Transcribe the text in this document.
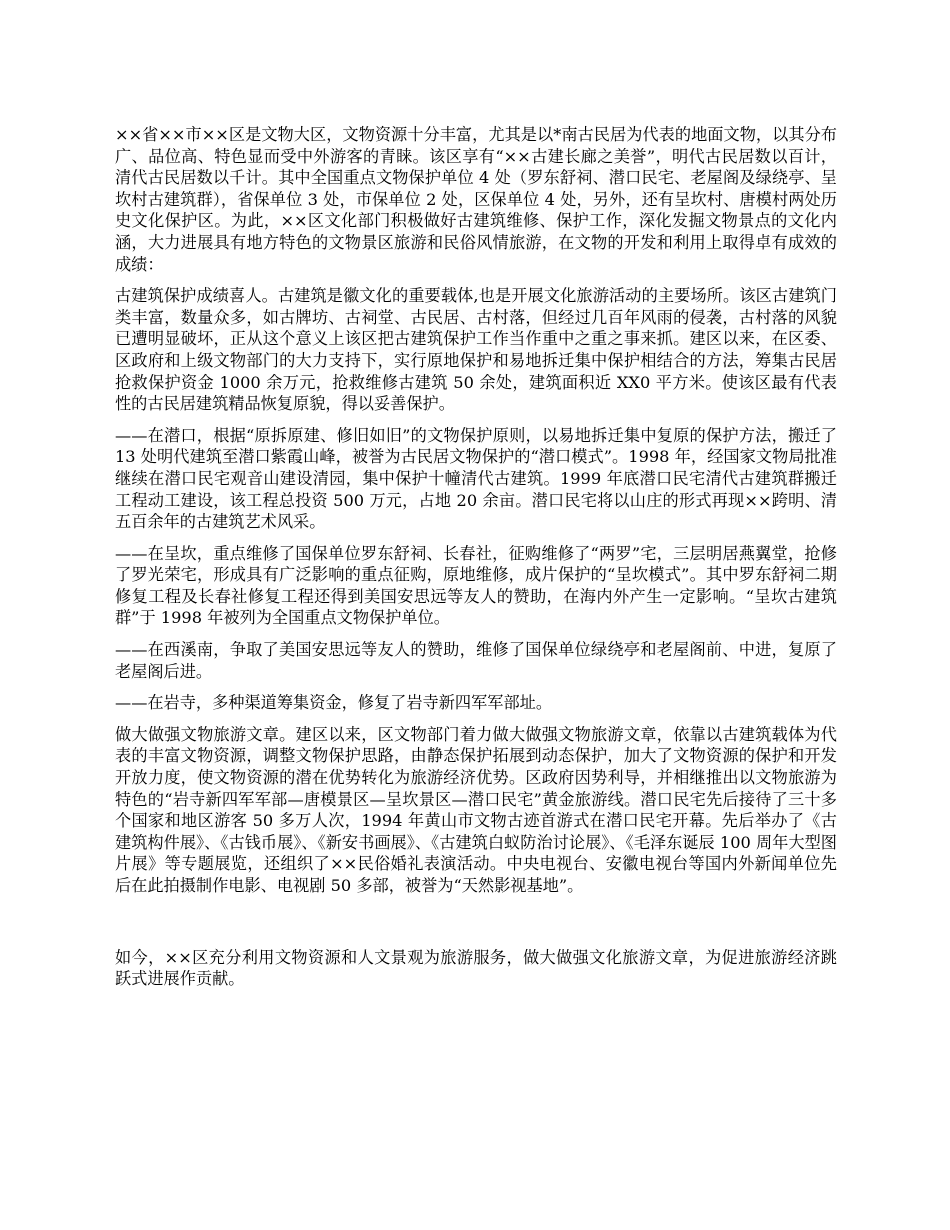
××省××市××区是文物大区，文物资源十分丰富，尤其是以*南古民居为代表的地面文物，以其分布广、品位高、特色显而受中外游客的青睐。该区享有“××古建长廊之美誉”，明代古民居数以百计，清代古民居数以千计。其中全国重点文物保护单位 4 处（罗东舒祠、潜口民宅、老屋阁及绿绕亭、呈坎村古建筑群），省保单位 3 处，市保单位 2 处，区保单位 4 处，另外，还有呈坎村、唐模村两处历史文化保护区。为此，××区文化部门积极做好古建筑维修、保护工作，深化发掘文物景点的文化内涵，大力进展具有地方特色的文物景区旅游和民俗风情旅游，在文物的开发和利用上取得卓有成效的成绩：

古建筑保护成绩喜人。古建筑是徽文化的重要载体,也是开展文化旅游活动的主要场所。该区古建筑门类丰富，数量众多，如古牌坊、古祠堂、古民居、古村落，但经过几百年风雨的侵袭，古村落的风貌已遭明显破坏，正从这个意义上该区把古建筑保护工作当作重中之重之事来抓。建区以来，在区委、区政府和上级文物部门的大力支持下，实行原地保护和易地拆迁集中保护相结合的方法，筹集古民居抢救保护资金 1000 余万元，抢救维修古建筑 50 余处，建筑面积近 XX0 平方米。使该区最有代表性的古民居建筑精品恢复原貌，得以妥善保护。

——在潜口，根据“原拆原建、修旧如旧”的文物保护原则，以易地拆迁集中复原的保护方法，搬迁了 13 处明代建筑至潜口紫霞山峰，被誉为古民居文物保护的“潜口模式”。1998 年，经国家文物局批准继续在潜口民宅观音山建设清园，集中保护十幢清代古建筑。1999 年底潜口民宅清代古建筑群搬迁工程动工建设，该工程总投资 500 万元，占地 20 余亩。潜口民宅将以山庄的形式再现××跨明、清五百余年的古建筑艺术风采。

——在呈坎，重点维修了国保单位罗东舒祠、长春社，征购维修了“两罗”宅，三层明居燕翼堂，抢修了罗光荣宅，形成具有广泛影响的重点征购，原地维修，成片保护的“呈坎模式”。其中罗东舒祠二期修复工程及长春社修复工程还得到美国安思远等友人的赞助，在海内外产生一定影响。“呈坎古建筑群”于 1998 年被列为全国重点文物保护单位。

——在西溪南，争取了美国安思远等友人的赞助，维修了国保单位绿绕亭和老屋阁前、中进，复原了老屋阁后进。

——在岩寺，多种渠道筹集资金，修复了岩寺新四军军部址。

做大做强文物旅游文章。建区以来，区文物部门着力做大做强文物旅游文章，依靠以古建筑载体为代表的丰富文物资源，调整文物保护思路，由静态保护拓展到动态保护，加大了文物资源的保护和开发开放力度，使文物资源的潜在优势转化为旅游经济优势。区政府因势利导，并相继推出以文物旅游为特色的“岩寺新四军军部—唐模景区—呈坎景区—潜口民宅”黄金旅游线。潜口民宅先后接待了三十多个国家和地区游客 50 多万人次，1994 年黄山市文物古迹首游式在潜口民宅开幕。先后举办了《古建筑构件展》、《古钱币展》、《新安书画展》、《古建筑白蚁防治讨论展》、《毛泽东诞辰 100 周年大型图片展》等专题展览，还组织了××民俗婚礼表演活动。中央电视台、安徽电视台等国内外新闻单位先后在此拍摄制作电影、电视剧 50 多部，被誉为“天然影视基地”。

如今，××区充分利用文物资源和人文景观为旅游服务，做大做强文化旅游文章，为促进旅游经济跳跃式进展作贡献。
